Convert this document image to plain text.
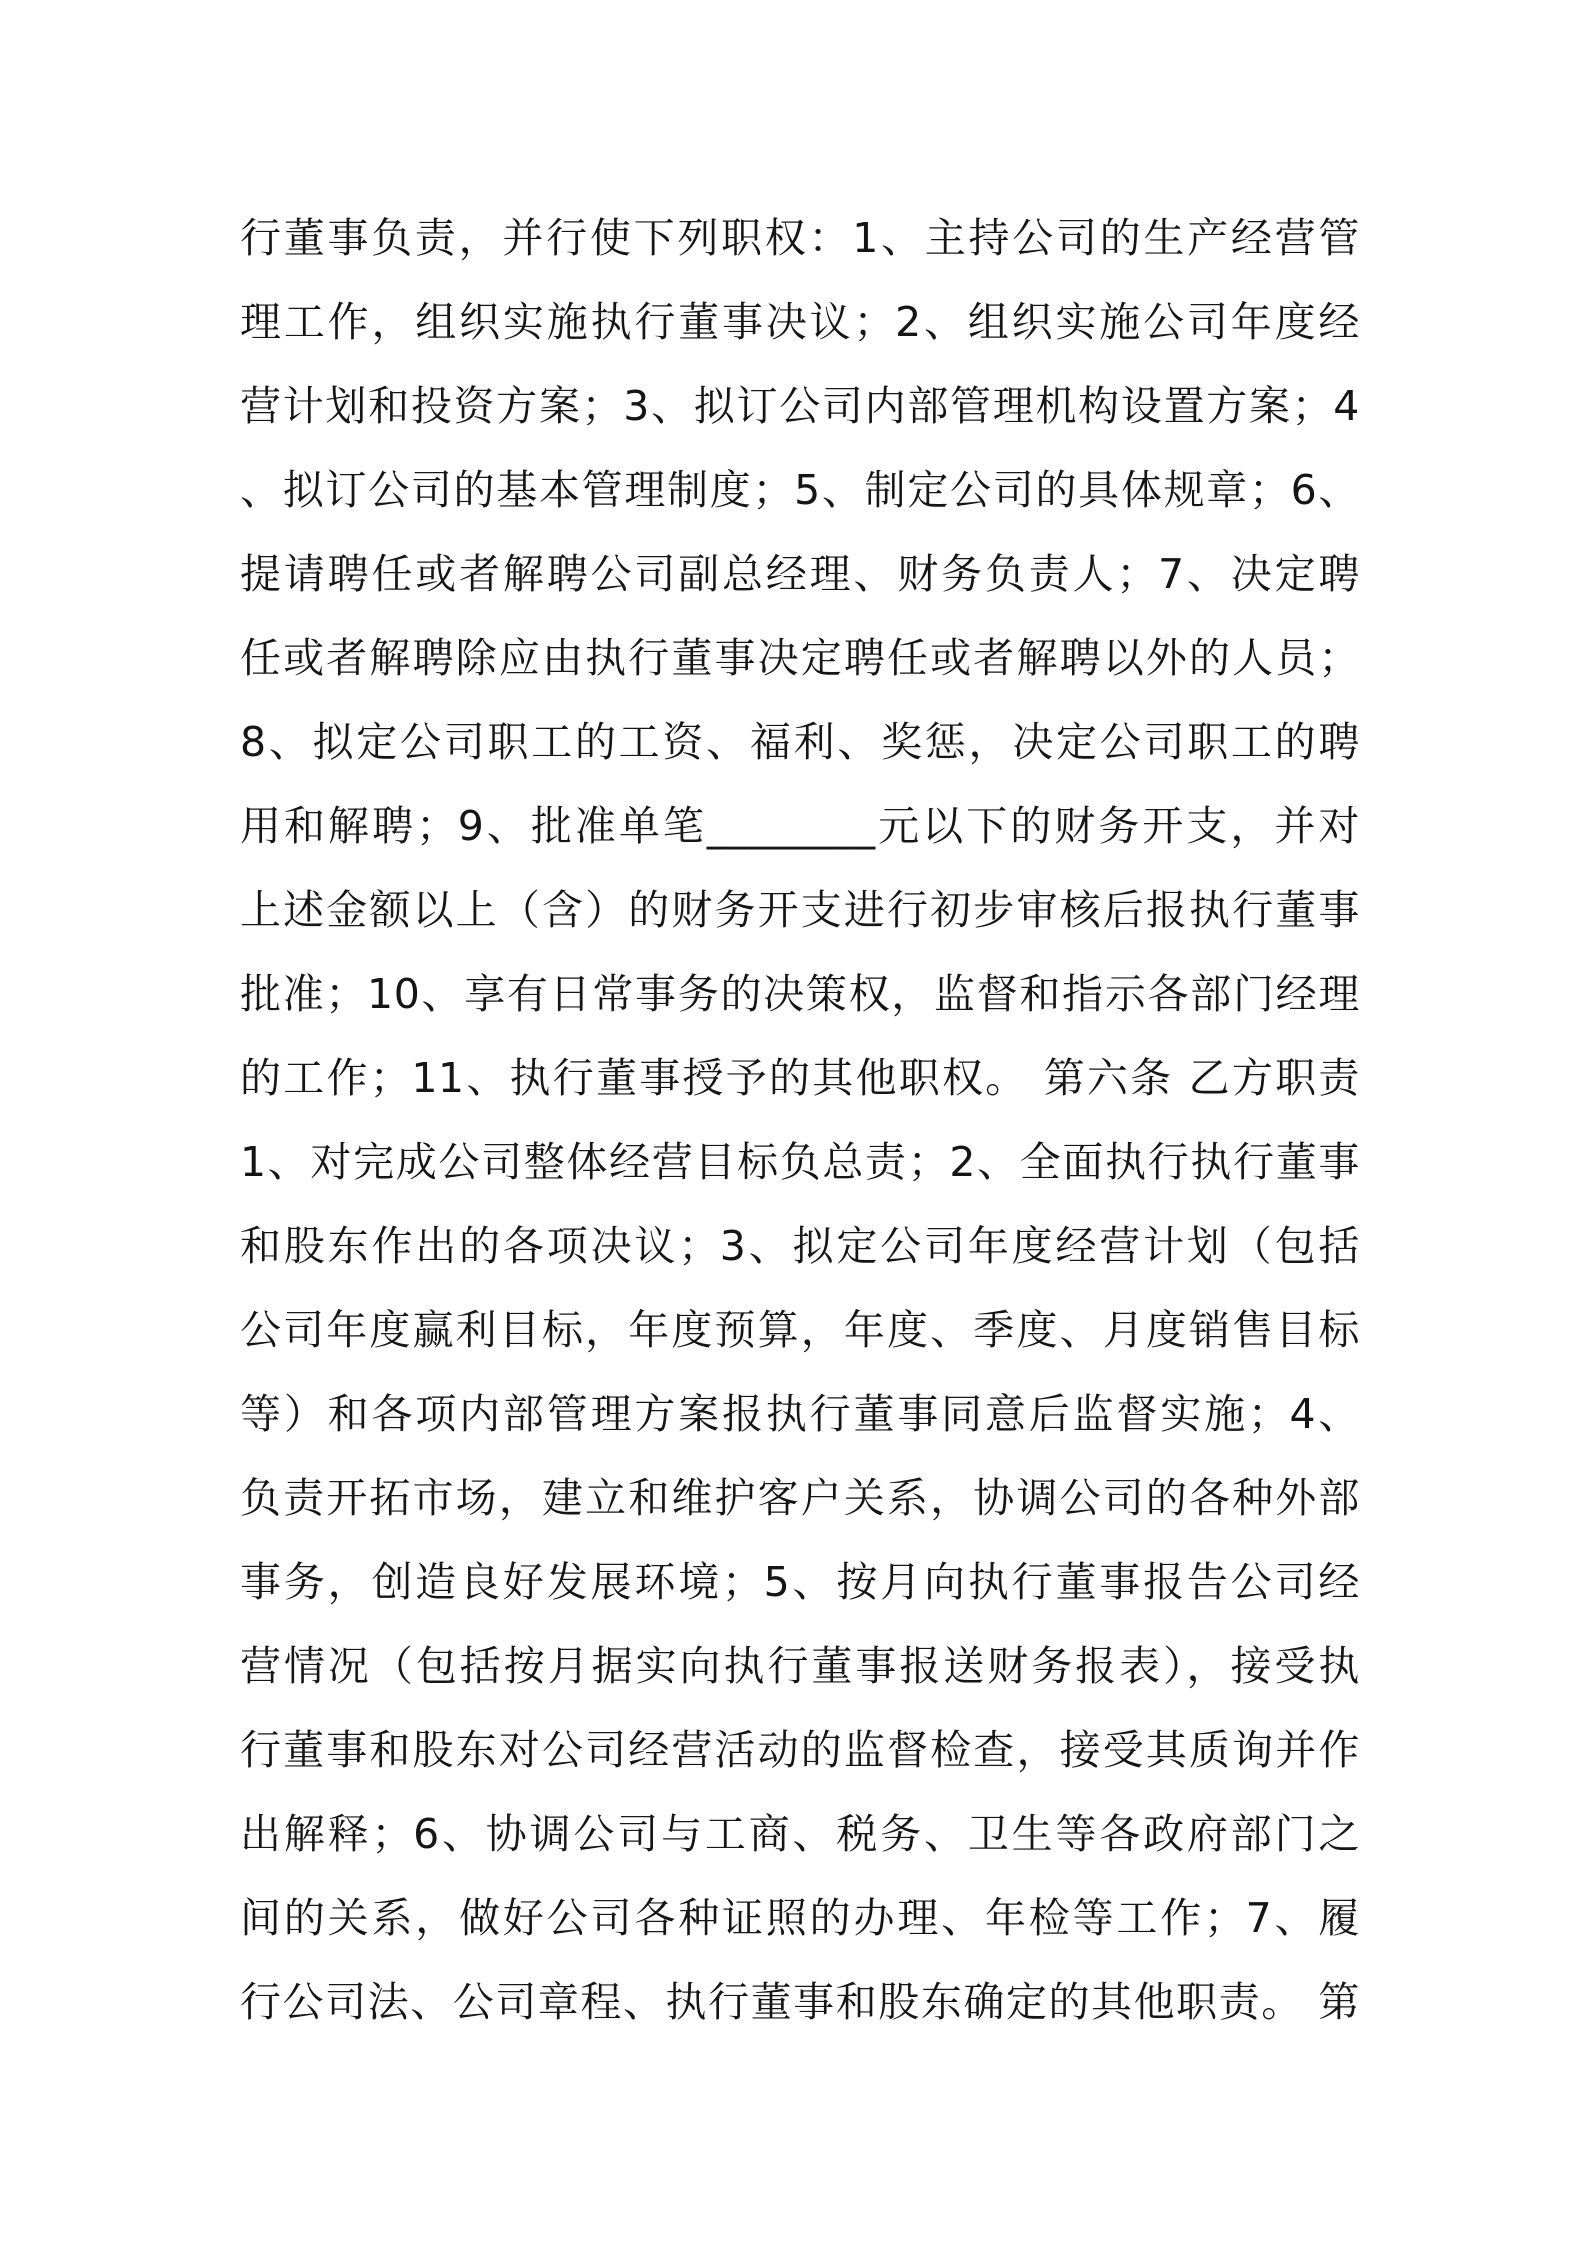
行董事负责，并行使下列职权：1、主持公司的生产经营管
理工作，组织实施执行董事决议；2、组织实施公司年度经
营计划和投资方案；3、拟订公司内部管理机构设置方案；4
、拟订公司的基本管理制度；5、制定公司的具体规章；6、
提请聘任或者解聘公司副总经理、财务负责人；7、决定聘
任或者解聘除应由执行董事决定聘任或者解聘以外的人员；
8、拟定公司职工的工资、福利、奖惩，决定公司职工的聘
用和解聘；9、批准单笔________元以下的财务开支，并对
上述金额以上（含）的财务开支进行初步审核后报执行董事
批准；10、享有日常事务的决策权，监督和指示各部门经理
的工作；11、执行董事授予的其他职权。 第六条 乙方职责
1、对完成公司整体经营目标负总责；2、全面执行执行董事
和股东作出的各项决议；3、拟定公司年度经营计划（包括
公司年度赢利目标，年度预算，年度、季度、月度销售目标
等）和各项内部管理方案报执行董事同意后监督实施；4、
负责开拓市场，建立和维护客户关系，协调公司的各种外部
事务，创造良好发展环境；5、按月向执行董事报告公司经
营情况（包括按月据实向执行董事报送财务报表），接受执
行董事和股东对公司经营活动的监督检查，接受其质询并作
出解释；6、协调公司与工商、税务、卫生等各政府部门之
间的关系，做好公司各种证照的办理、年检等工作；7、履
行公司法、公司章程、执行董事和股东确定的其他职责。 第
